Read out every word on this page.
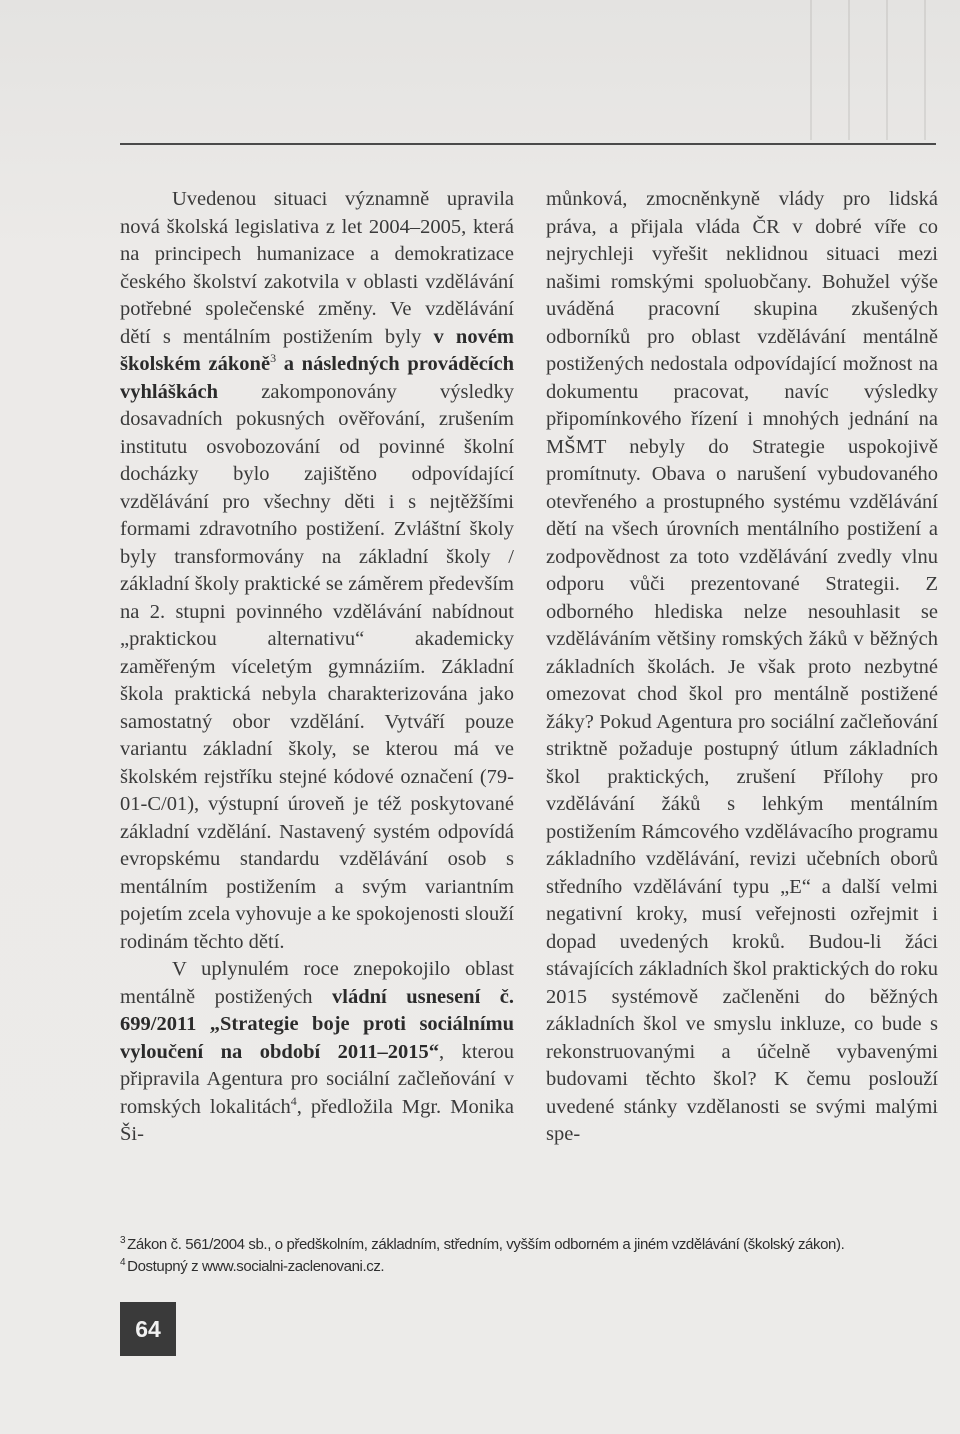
Uvedenou situaci významně upravila nová školská legislativa z let 2004–2005, která na principech humanizace a demokratizace českého školství zakotvila v oblasti vzdělávání potřebné společenské změny. Ve vzdělávání dětí s mentálním postižením byly v novém školském zákoně$^3$ a následných prováděcích vyhláškách zakomponovány výsledky dosavadních pokusných ověřování, zrušením institutu osvobozování od povinné školní docházky bylo zajištěno odpovídající vzdělávání pro všechny děti i s nejtěžšími formami zdravotního postižení. Zvláštní školy byly transformovány na základní školy / základní školy praktické se záměrem především na 2. stupni povinného vzdělávání nabídnout „praktickou alternativu“ akademicky zaměřeným víceletým gymnáziím. Základní škola praktická nebyla charakterizována jako samostatný obor vzdělání. Vytváří pouze variantu základní školy, se kterou má ve školském rejstříku stejné kódové označení (79-01-C/01), výstupní úroveň je též poskytované základní vzdělání. Nastavený systém odpovídá evropskému standardu vzdělávání osob s mentálním postižením a svým variantním pojetím zcela vyhovuje a ke spokojenosti slouží rodinám těchto dětí.

V uplynulém roce znepokojilo oblast mentálně postižených vládní usnesení č. 699/2011 „Strategie boje proti sociálnímu vyloučení na období 2011–2015“, kterou připravila Agentura pro sociální začleňování v romských lokalitách$^4$, předložila Mgr. Monika Ši-

můnková, zmocněnkyně vlády pro lidská práva, a přijala vláda ČR v dobré víře co nejrychleji vyřešit neklidnou situaci mezi našimi romskými spoluobčany. Bohužel výše uváděná pracovní skupina zkušených odborníků pro oblast vzdělávání mentálně postižených nedostala odpovídající možnost na dokumentu pracovat, navíc výsledky připomínkového řízení i mnohých jednání na MŠMT nebyly do Strategie uspokojivě promítnuty. Obava o narušení vybudovaného otevřeného a prostupného systému vzdělávání dětí na všech úrovních mentálního postižení a zodpovědnost za toto vzdělávání zvedly vlnu odporu vůči prezentované Strategii. Z odborného hlediska nelze nesouhlasit se vzděláváním většiny romských žáků v běžných základních školách. Je však proto nezbytné omezovat chod škol pro mentálně postižené žáky? Pokud Agentura pro sociální začleňování striktně požaduje postupný útlum základních škol praktických, zrušení Přílohy pro vzdělávání žáků s lehkým mentálním postižením Rámcového vzdělávacího programu základního vzdělávání, revizi učebních oborů středního vzdělávání typu „E“ a další velmi negativní kroky, musí veřejnosti ozřejmit i dopad uvedených kroků. Budou-li žáci stávajících základních škol praktických do roku 2015 systémově začleněni do běžných základních škol ve smyslu inkluze, co bude s rekonstruovanými a účelně vybavenými budovami těchto škol? K čemu poslouží uvedené stánky vzdělanosti se svými malými spe-

$^3$ Zákon č. 561/2004 sb., o předškolním, základním, středním, vyšším odborném a jiném vzdělávání (školský zákon).
$^4$ Dostupný z www.socialni-zaclenovani.cz.
64
